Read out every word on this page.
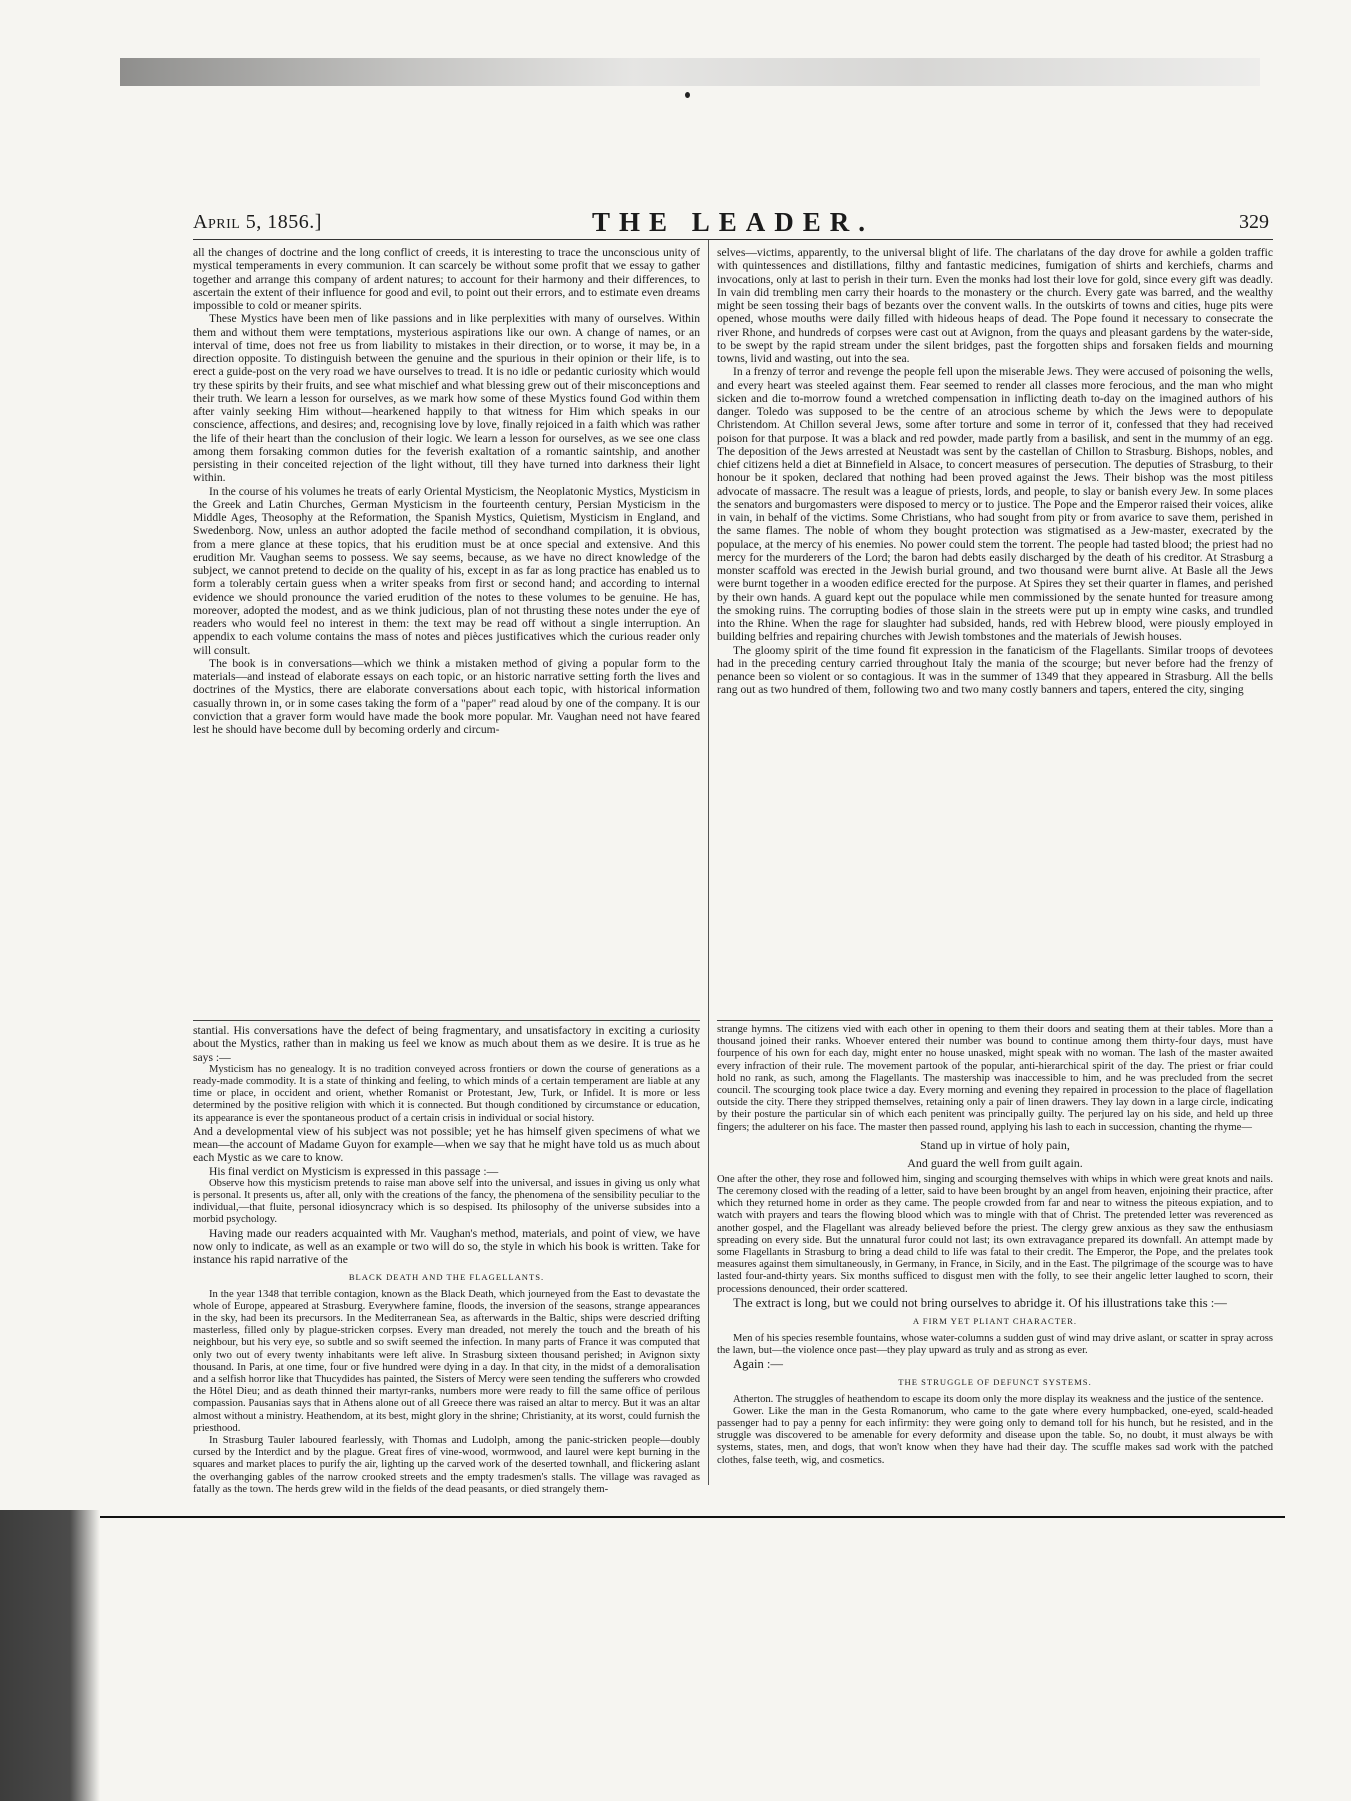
April 5, 1856.]	THE LEADER.	329

all the changes of doctrine and the long conflict of creeds, it is interesting to trace the unconscious unity of mystical temperaments in every communion. It can scarcely be without some profit that we essay to gather together and arrange this company of ardent natures; to account for their harmony and their differences, to ascertain the extent of their influence for good and evil, to point out their errors, and to estimate even dreams impossible to cold or meaner spirits.

These Mystics have been men of like passions and in like perplexities with many of ourselves. Within them and without them were temptations, mysterious aspirations like our own. A change of names, or an interval of time, does not free us from liability to mistakes in their direction, or to worse, it may be, in a direction opposite. To distinguish between the genuine and the spurious in their opinion or their life, is to erect a guide-post on the very road we have ourselves to tread. It is no idle or pedantic curiosity which would try these spirits by their fruits, and see what mischief and what blessing grew out of their misconceptions and their truth. We learn a lesson for ourselves, as we mark how some of these Mystics found God within them after vainly seeking Him without—hearkened happily to that witness for Him which speaks in our conscience, affections, and desires; and, recognising love by love, finally rejoiced in a faith which was rather the life of their heart than the conclusion of their logic. We learn a lesson for ourselves, as we see one class among them forsaking common duties for the feverish exaltation of a romantic saintship, and another persisting in their conceited rejection of the light without, till they have turned into darkness their light within.

In the course of his volumes he treats of early Oriental Mysticism, the Neoplatonic Mystics, Mysticism in the Greek and Latin Churches, German Mysticism in the fourteenth century, Persian Mysticism in the Middle Ages, Theosophy at the Reformation, the Spanish Mystics, Quietism, Mysticism in England, and Swedenborg. Now, unless an author adopted the facile method of secondhand compilation, it is obvious, from a mere glance at these topics, that his erudition must be at once special and extensive. And this erudition Mr. Vaughan seems to possess. We say seems, because, as we have no direct knowledge of the subject, we cannot pretend to decide on the quality of his, except in as far as long practice has enabled us to form a tolerably certain guess when a writer speaks from first or second hand; and according to internal evidence we should pronounce the varied erudition of the notes to these volumes to be genuine. He has, moreover, adopted the modest, and as we think judicious, plan of not thrusting these notes under the eye of readers who would feel no interest in them: the text may be read off without a single interruption. An appendix to each volume contains the mass of notes and pièces justificatives which the curious reader only will consult.

The book is in conversations—which we think a mistaken method of giving a popular form to the materials—and instead of elaborate essays on each topic, or an historic narrative setting forth the lives and doctrines of the Mystics, there are elaborate conversations about each topic, with historical information casually thrown in, or in some cases taking the form of a "paper" read aloud by one of the company. It is our conviction that a graver form would have made the book more popular. Mr. Vaughan need not have feared lest he should have become dull by becoming orderly and circum-

stantial. His conversations have the defect of being fragmentary, and unsatisfactory in exciting a curiosity about the Mystics, rather than in making us feel we know as much about them as we desire. It is true as he says :—

Mysticism has no genealogy. It is no tradition conveyed across frontiers or down the course of generations as a ready-made commodity. It is a state of thinking and feeling, to which minds of a certain temperament are liable at any time or place, in occident and orient, whether Romanist or Protestant, Jew, Turk, or Infidel. It is more or less determined by the positive religion with which it is connected. But though conditioned by circumstance or education, its appearance is ever the spontaneous product of a certain crisis in individual or social history.

And a developmental view of his subject was not possible; yet he has himself given specimens of what we mean—the account of Madame Guyon for example—when we say that he might have told us as much about each Mystic as we care to know.

His final verdict on Mysticism is expressed in this passage :—

Observe how this mysticism pretends to raise man above self into the universal, and issues in giving us only what is personal. It presents us, after all, only with the creations of the fancy, the phenomena of the sensibility peculiar to the individual,—that fluite, personal idiosyncracy which is so despised. Its philosophy of the universe subsides into a morbid psychology.

Having made our readers acquainted with Mr. Vaughan's method, materials, and point of view, we have now only to indicate, as well as an example or two will do so, the style in which his book is written. Take for instance his rapid narrative of the

BLACK DEATH AND THE FLAGELLANTS.

In the year 1348 that terrible contagion, known as the Black Death, which journeyed from the East to devastate the whole of Europe, appeared at Strasburg. Everywhere famine, floods, the inversion of the seasons, strange appearances in the sky, had been its precursors. In the Mediterranean Sea, as afterwards in the Baltic, ships were descried drifting masterless, filled only by plague-stricken corpses. Every man dreaded, not merely the touch and the breath of his neighbour, but his very eye, so subtle and so swift seemed the infection. In many parts of France it was computed that only two out of every twenty inhabitants were left alive. In Strasburg sixteen thousand perished; in Avignon sixty thousand. In Paris, at one time, four or five hundred were dying in a day. In that city, in the midst of a demoralisation and a selfish horror like that Thucydides has painted, the Sisters of Mercy were seen tending the sufferers who crowded the Hôtel Dieu; and as death thinned their martyr-ranks, numbers more were ready to fill the same office of perilous compassion. Pausanias says that in Athens alone out of all Greece there was raised an altar to mercy. But it was an altar almost without a ministry. Heathendom, at its best, might glory in the shrine; Christianity, at its worst, could furnish the priesthood.

In Strasburg Tauler laboured fearlessly, with Thomas and Ludolph, among the panic-stricken people—doubly cursed by the Interdict and by the plague. Great fires of vine-wood, wormwood, and laurel were kept burning in the squares and market places to purify the air, lighting up the carved work of the deserted townhall, and flickering aslant the overhanging gables of the narrow crooked streets and the empty tradesmen's stalls. The village was ravaged as fatally as the town. The herds grew wild in the fields of the dead peasants, or died strangely them-

selves—victims, apparently, to the universal blight of life. The charlatans of the day drove for awhile a golden traffic with quintessences and distillations, filthy and fantastic medicines, fumigation of shirts and kerchiefs, charms and invocations, only at last to perish in their turn. Even the monks had lost their love for gold, since every gift was deadly. In vain did trembling men carry their hoards to the monastery or the church. Every gate was barred, and the wealthy might be seen tossing their bags of bezants over the convent walls. In the outskirts of towns and cities, huge pits were opened, whose mouths were daily filled with hideous heaps of dead. The Pope found it necessary to consecrate the river Rhone, and hundreds of corpses were cast out at Avignon, from the quays and pleasant gardens by the water-side, to be swept by the rapid stream under the silent bridges, past the forgotten ships and forsaken fields and mourning towns, livid and wasting, out into the sea.

In a frenzy of terror and revenge the people fell upon the miserable Jews. They were accused of poisoning the wells, and every heart was steeled against them. Fear seemed to render all classes more ferocious, and the man who might sicken and die to-morrow found a wretched compensation in inflicting death to-day on the imagined authors of his danger. Toledo was supposed to be the centre of an atrocious scheme by which the Jews were to depopulate Christendom. At Chillon several Jews, some after torture and some in terror of it, confessed that they had received poison for that purpose. It was a black and red powder, made partly from a basilisk, and sent in the mummy of an egg. The deposition of the Jews arrested at Neustadt was sent by the castellan of Chillon to Strasburg. Bishops, nobles, and chief citizens held a diet at Binnefield in Alsace, to concert measures of persecution. The deputies of Strasburg, to their honour be it spoken, declared that nothing had been proved against the Jews. Their bishop was the most pitiless advocate of massacre. The result was a league of priests, lords, and people, to slay or banish every Jew. In some places the senators and burgomasters were disposed to mercy or to justice. The Pope and the Emperor raised their voices, alike in vain, in behalf of the victims. Some Christians, who had sought from pity or from avarice to save them, perished in the same flames. The noble of whom they bought protection was stigmatised as a Jew-master, execrated by the populace, at the mercy of his enemies. No power could stem the torrent. The people had tasted blood; the priest had no mercy for the murderers of the Lord; the baron had debts easily discharged by the death of his creditor. At Strasburg a monster scaffold was erected in the Jewish burial ground, and two thousand were burnt alive. At Basle all the Jews were burnt together in a wooden edifice erected for the purpose. At Spires they set their quarter in flames, and perished by their own hands. A guard kept out the populace while men commissioned by the senate hunted for treasure among the smoking ruins. The corrupting bodies of those slain in the streets were put up in empty wine casks, and trundled into the Rhine. When the rage for slaughter had subsided, hands, red with Hebrew blood, were piously employed in building belfries and repairing churches with Jewish tombstones and the materials of Jewish houses.

The gloomy spirit of the time found fit expression in the fanaticism of the Flagellants. Similar troops of devotees had in the preceding century carried throughout Italy the mania of the scourge; but never before had the frenzy of penance been so violent or so contagious. It was in the summer of 1349 that they appeared in Strasburg. All the bells rang out as two hundred of them, following two and two many costly banners and tapers, entered the city, singing

strange hymns. The citizens vied with each other in opening to them their doors and seating them at their tables. More than a thousand joined their ranks. Whoever entered their number was bound to continue among them thirty-four days, must have fourpence of his own for each day, might enter no house unasked, might speak with no woman. The lash of the master awaited every infraction of their rule. The movement partook of the popular, anti-hierarchical spirit of the day. The priest or friar could hold no rank, as such, among the Flagellants. The mastership was inaccessible to him, and he was precluded from the secret council. The scourging took place twice a day. Every morning and evening they repaired in procession to the place of flagellation outside the city. There they stripped themselves, retaining only a pair of linen drawers. They lay down in a large circle, indicating by their posture the particular sin of which each penitent was principally guilty. The perjured lay on his side, and held up three fingers; the adulterer on his face. The master then passed round, applying his lash to each in succession, chanting the rhyme—

Stand up in virtue of holy pain,

And guard the well from guilt again.

One after the other, they rose and followed him, singing and scourging themselves with whips in which were great knots and nails. The ceremony closed with the reading of a letter, said to have been brought by an angel from heaven, enjoining their practice, after which they returned home in order as they came. The people crowded from far and near to witness the piteous expiation, and to watch with prayers and tears the flowing blood which was to mingle with that of Christ. The pretended letter was reverenced as another gospel, and the Flagellant was already believed before the priest. The clergy grew anxious as they saw the enthusiasm spreading on every side. But the unnatural furor could not last; its own extravagance prepared its downfall. An attempt made by some Flagellants in Strasburg to bring a dead child to life was fatal to their credit. The Emperor, the Pope, and the prelates took measures against them simultaneously, in Germany, in France, in Sicily, and in the East. The pilgrimage of the scourge was to have lasted four-and-thirty years. Six months sufficed to disgust men with the folly, to see their angelic letter laughed to scorn, their processions denounced, their order scattered.

The extract is long, but we could not bring ourselves to abridge it. Of his illustrations take this :—

A FIRM YET PLIANT CHARACTER.

Men of his species resemble fountains, whose water-columns a sudden gust of wind may drive aslant, or scatter in spray across the lawn, but—the violence once past—they play upward as truly and as strong as ever.

Again :—

THE STRUGGLE OF DEFUNCT SYSTEMS.

Atherton. The struggles of heathendom to escape its doom only the more display its weakness and the justice of the sentence.

Gower. Like the man in the Gesta Romanorum, who came to the gate where every humpbacked, one-eyed, scald-headed passenger had to pay a penny for each infirmity: they were going only to demand toll for his hunch, but he resisted, and in the struggle was discovered to be amenable for every deformity and disease upon the table. So, no doubt, it must always be with systems, states, men, and dogs, that won't know when they have had their day. The scuffle makes sad work with the patched clothes, false teeth, wig, and cosmetics.
